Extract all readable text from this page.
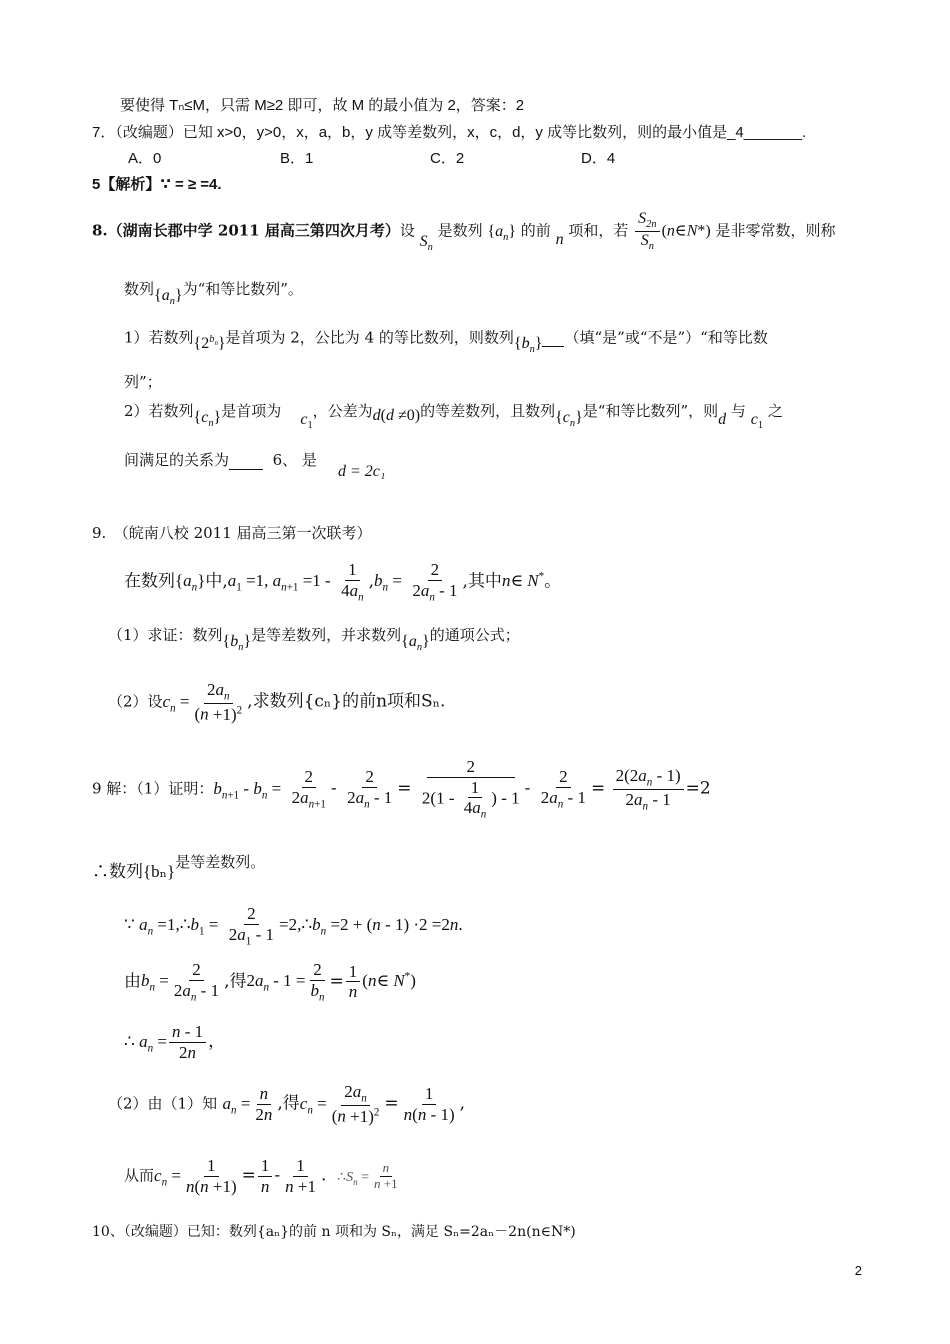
要使得 Tₙ≤M，只需 M≥2 即可，故 M 的最小值为 2，答案：2
7．（改编题）已知 x>0，y>0，x，a，b，y 成等差数列，x，c，d，y 成等比数列，则的最小值是_4_______.
A．0	B．1	C．2	D．4
5【解析】∵ = ≥ =4.
8.（湖南长郡中学 2011 届高三第四次月考）设 $S_n$ 是数列 $\{a_n\}$ 的前 n 项和，若 $\frac{S_{2n}}{S_n}$ (n∈N*) 是非零常数，则称
数列$\{a_n\}$为“和等比数列”。
1）若数列$\{2^{b_n}\}$是首项为 2，公比为 4 的等比数列，则数列$\{b_n\}$ （填“是”或“不是”）“和等比数
列”；
2）若数列$\{c_n\}$是首项为 $c_1$，公差为d(d ≠0)的等差数列，且数列$\{c_n\}$是“和等比数列”，则d 与 $c_1$ 之
间满足的关系为	6、 是
d = 2c₁
9.　（皖南八校 2011 届高三第一次联考）
在数列$\{a_n\}$中$,a_1 =1$, $a_{n+1} =1 - \frac{1}{4a_n} ,b_n = \frac{2}{2a_n - 1}$ ,其中n∈ N*。
（1）求证：数列$\{b_n\}$是等差数列，并求数列$\{a_n\}$的通项公式；
（2）设$c_n = \frac{2a_n}{(n +1)^2}$ ,求数列{cₙ}的前n项和Sₙ.
9 解：（1）证明：$b_{n+1} - b_n = \frac{2}{2a_{n+1}} - \frac{2}{2a_n - 1} = \frac{2}{2(1 - \frac{1}{4a_n} ) - 1} - \frac{2}{2a_n - 1} = \frac{2(2a_n - 1)}{2a_n - 1} =2$
∴数列{bₙ}是等差数列。
∵ $a_n$ $=1,\therefore b_1 = \frac{2}{2a_1 - 1}$ $=2,\therefore b_n =2 + (n - 1) \cdot 2 =2n$.
由$b_n = \frac{2}{2a_n - 1}$ ,得$2a_n - 1 = \frac{2}{b_n} = \frac{1}{n}$ (n∈ N*)
∴ $a_n = \frac{n - 1}{2n}$ ，
（2）由（1）知 $a_n = \frac{n}{2n}$ ,得$c_n = \frac{2a_n}{(n +1)^2} = \frac{1}{n(n - 1)}$ ,
从而$c_n = \frac{1}{n(n +1)} = \frac{1}{n} - \frac{1}{n +1}$ . $\therefore S_n = \frac{n}{n +1}$
10、（改编题）已知：数列{aₙ}的前 n 项和为 Sₙ，满足 Sₙ=2aₙ－2n(n∈N*)
2
